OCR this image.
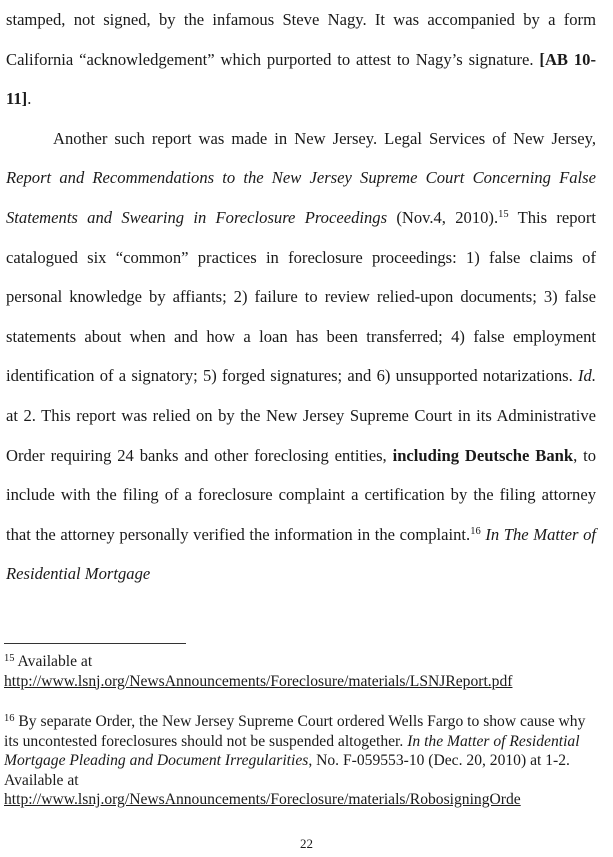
stamped, not signed, by the infamous Steve Nagy. It was accompanied by a form California “acknowledgement” which purported to attest to Nagy’s signature. [AB 10-11].

Another such report was made in New Jersey. Legal Services of New Jersey, Report and Recommendations to the New Jersey Supreme Court Concerning False Statements and Swearing in Foreclosure Proceedings (Nov.4, 2010).$^{15}$ This report catalogued six “common” practices in foreclosure proceedings: 1) false claims of personal knowledge by affiants; 2) failure to review relied-upon documents; 3) false statements about when and how a loan has been transferred; 4) false employment identification of a signatory; 5) forged signatures; and 6) unsupported notarizations. Id. at 2. This report was relied on by the New Jersey Supreme Court in its Administrative Order requiring 24 banks and other foreclosing entities, including Deutsche Bank, to include with the filing of a foreclosure complaint a certification by the filing attorney that the attorney personally verified the information in the complaint.$^{16}$ In The Matter of Residential Mortgage

$^{15}$ Available at
http://www.lsnj.org/NewsAnnouncements/Foreclosure/materials/LSNJReport.pdf
$^{16}$ By separate Order, the New Jersey Supreme Court ordered Wells Fargo to show cause why its uncontested foreclosures should not be suspended altogether. In the Matter of Residential Mortgage Pleading and Document Irregularities, No. F-059553-10 (Dec. 20, 2010) at 1-2.
Available at
http://www.lsnj.org/NewsAnnouncements/Foreclosure/materials/RobosigningOrde
22
